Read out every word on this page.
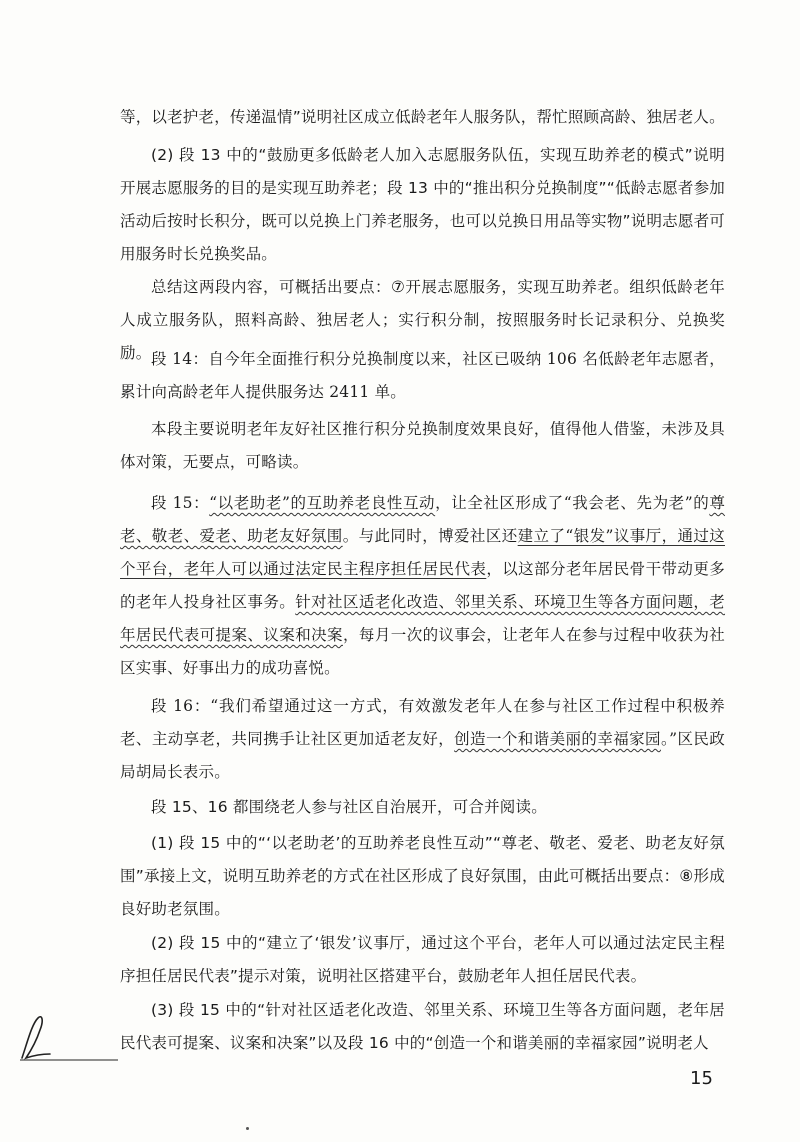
等，以老护老，传递温情”说明社区成立低龄老年人服务队，帮忙照顾高龄、独居老人。

(2) 段 13 中的“鼓励更多低龄老人加入志愿服务队伍，实现互助养老的模式”说明开展志愿服务的目的是实现互助养老；段 13 中的“推出积分兑换制度”“低龄志愿者参加活动后按时长积分，既可以兑换上门养老服务，也可以兑换日用品等实物”说明志愿者可用服务时长兑换奖品。

总结这两段内容，可概括出要点：⑦开展志愿服务，实现互助养老。组织低龄老年人成立服务队，照料高龄、独居老人；实行积分制，按照服务时长记录积分、兑换奖励。 段 14：自今年全面推行积分兑换制度以来，社区已吸纳 106 名低龄老年志愿者，累计向高龄老年人提供服务达 2411 单。

本段主要说明老年友好社区推行积分兑换制度效果良好，值得他人借鉴，未涉及具体对策，无要点，可略读。

段 15：“以老助老”的互助养老良性互动，让全社区形成了“我会老、先为老”的尊老、敬老、爱老、助老友好氛围。与此同时，博爱社区还建立了“银发”议事厅，通过这个平台，老年人可以通过法定民主程序担任居民代表，以这部分老年居民骨干带动更多的老年人投身社区事务。针对社区适老化改造、邻里关系、环境卫生等各方面问题，老年居民代表可提案、议案和决案，每月一次的议事会，让老年人在参与过程中收获为社区实事、好事出力的成功喜悦。

段 16：“我们希望通过这一方式，有效激发老年人在参与社区工作过程中积极养老、主动享老，共同携手让社区更加适老友好，创造一个和谐美丽的幸福家园。”区民政局胡局长表示。

段 15、16 都围绕老人参与社区自治展开，可合并阅读。

(1) 段 15 中的“‘以老助老’的互助养老良性互动”“尊老、敬老、爱老、助老友好氛围”承接上文，说明互助养老的方式在社区形成了良好氛围，由此可概括出要点：⑧形成良好助老氛围。

(2) 段 15 中的“建立了‘银发’议事厅，通过这个平台，老年人可以通过法定民主程序担任居民代表”提示对策，说明社区搭建平台，鼓励老年人担任居民代表。

(3) 段 15 中的“针对社区适老化改造、邻里关系、环境卫生等各方面问题，老年居民代表可提案、议案和决案”以及段 16 中的“创造一个和谐美丽的幸福家园”说明老人

15
